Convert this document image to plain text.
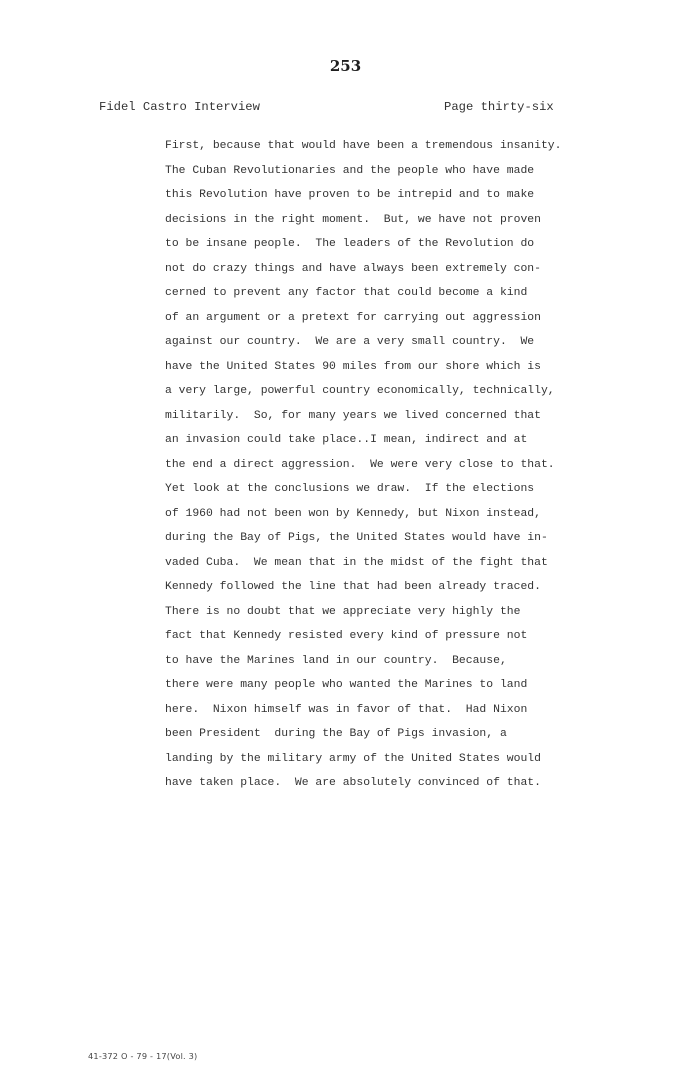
253
Fidel Castro Interview	Page thirty-six
First, because that would have been a tremendous insanity.
The Cuban Revolutionaries and the people who have made
this Revolution have proven to be intrepid and to make
decisions in the right moment.  But, we have not proven
to be insane people.  The leaders of the Revolution do
not do crazy things and have always been extremely con-
cerned to prevent any factor that could become a kind
of an argument or a pretext for carrying out aggression
against our country.  We are a very small country.  We
have the United States 90 miles from our shore which is
a very large, powerful country economically, technically,
militarily.  So, for many years we lived concerned that
an invasion could take place..I mean, indirect and at
the end a direct aggression.  We were very close to that.
Yet look at the conclusions we draw.  If the elections
of 1960 had not been won by Kennedy, but Nixon instead,
during the Bay of Pigs, the United States would have in-
vaded Cuba.  We mean that in the midst of the fight that
Kennedy followed the line that had been already traced.
There is no doubt that we appreciate very highly the
fact that Kennedy resisted every kind of pressure not
to have the Marines land in our country.  Because,
there were many people who wanted the Marines to land
here.  Nixon himself was in favor of that.  Had Nixon
been President  during the Bay of Pigs invasion, a
landing by the military army of the United States would
have taken place.  We are absolutely convinced of that.
41-372 O - 79 - 17(Vol. 3)
